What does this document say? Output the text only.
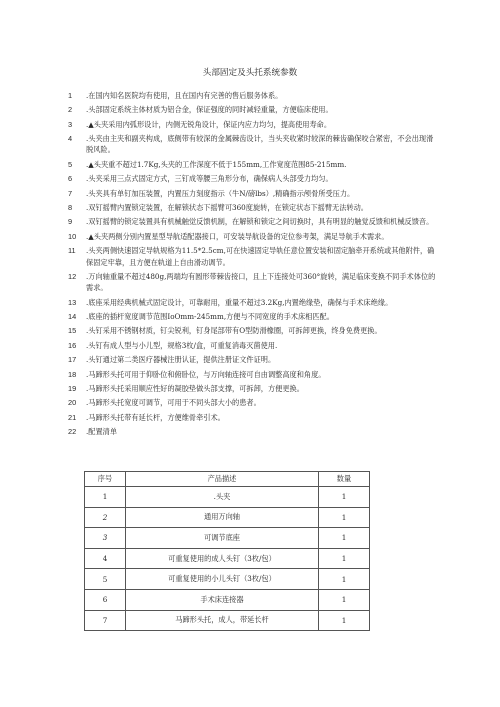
头部固定及头托系统参数
1	.在国内知名医院均有使用，且在国内有完善的售后服务体系。
2	.头部固定系统主体材质为铝合金，保证强度的同时减轻重量，方便临床使用。
3	.▲头夹采用内弧形设计，内侧无锐角设计，保证内应力均匀，提高使用寿命。
4	.头夹由主夹和副夹构成，底侧带有较深的金属棘齿设计，当头夹收紧时较深的棘齿确保咬合紧密，不会出现滑脱风险。
5	.▲头夹重不超过1.7Kg,头夹的工作深度不低于155mm,工作宽度范围85-215mm.
6	.头夹采用三点式固定方式，三钉成等腰三角形分布，确保病人头部受力均匀。
7	.头夹具有单钉加压装置，内置压力刻度指示（牛N/磅lbs）,精确指示颅骨所受压力。
8	.双钉摇臂内置锁定装置，在解锁状态下摇臂可360度旋转，在锁定状态下摇臂无法转动。
9	.双钉摇臂的锁定装置具有机械触觉反馈机制，在解锁和锁定之间切换时，具有明显的触觉反馈和机械反馈音。
10	.▲头夹两侧分别内置星型导航适配器接口，可安装导航设备的定位参考架，满足导航手术需求。
11	.头夹两侧快速固定导轨规格为11.5*2.5cm,可在快速固定导轨任意位置安装和固定脑牵开系统或其他附件，确保固定牢靠，且方便在轨道上自由滑动调节。
12	.万向轴重量不超过480g,两端均有圆形带棘齿接口，且上下连接处可360°旋转，满足临床变换不同手术体位的需求。
13	.底座采用经典机械式固定设计，可靠耐用，重量不超过3.2Kg,内置绝缘垫，确保与手术床绝缘。
14	.底座的插杆宽度调节范围IoOmm-245mm,方便与不同宽度的手术床相匹配。
15	.头钉采用不锈钢材质，钉尖锐利，钉身尾部带有O型防滑橡圈，可拆卸更换，终身免费更换。
16	.头钉有成人型与小儿型，规格3枚/盒，可重复消毒灭菌使用.
17	.头钉通过第二类医疗器械注册认证，提供注册证文件证明。
18	.马蹄形头托可用于仰卧位和俯卧位，与万向轴连接可自由调整高度和角度。
19	.马蹄形头托采用顺应性好的凝胶垫做头部支撑，可拆卸，方便更换。
20	.马蹄形头托宽度可调节，可用于不同头部大小的患者。
21	.马蹄形头托带有延长杆，方便维骨牵引术。
22	.配置清单
序号	产品描述	数量
1	.头夹	1
2	通用万向轴	1
3	可调节底座	1
4	可重复使用的成人头钉（3枚/包）	1
5	可重复使用的小儿头钉（3枚/包）	1
6	手术床连接器	1
7	马蹄形头托，成人，带延长杆	1
